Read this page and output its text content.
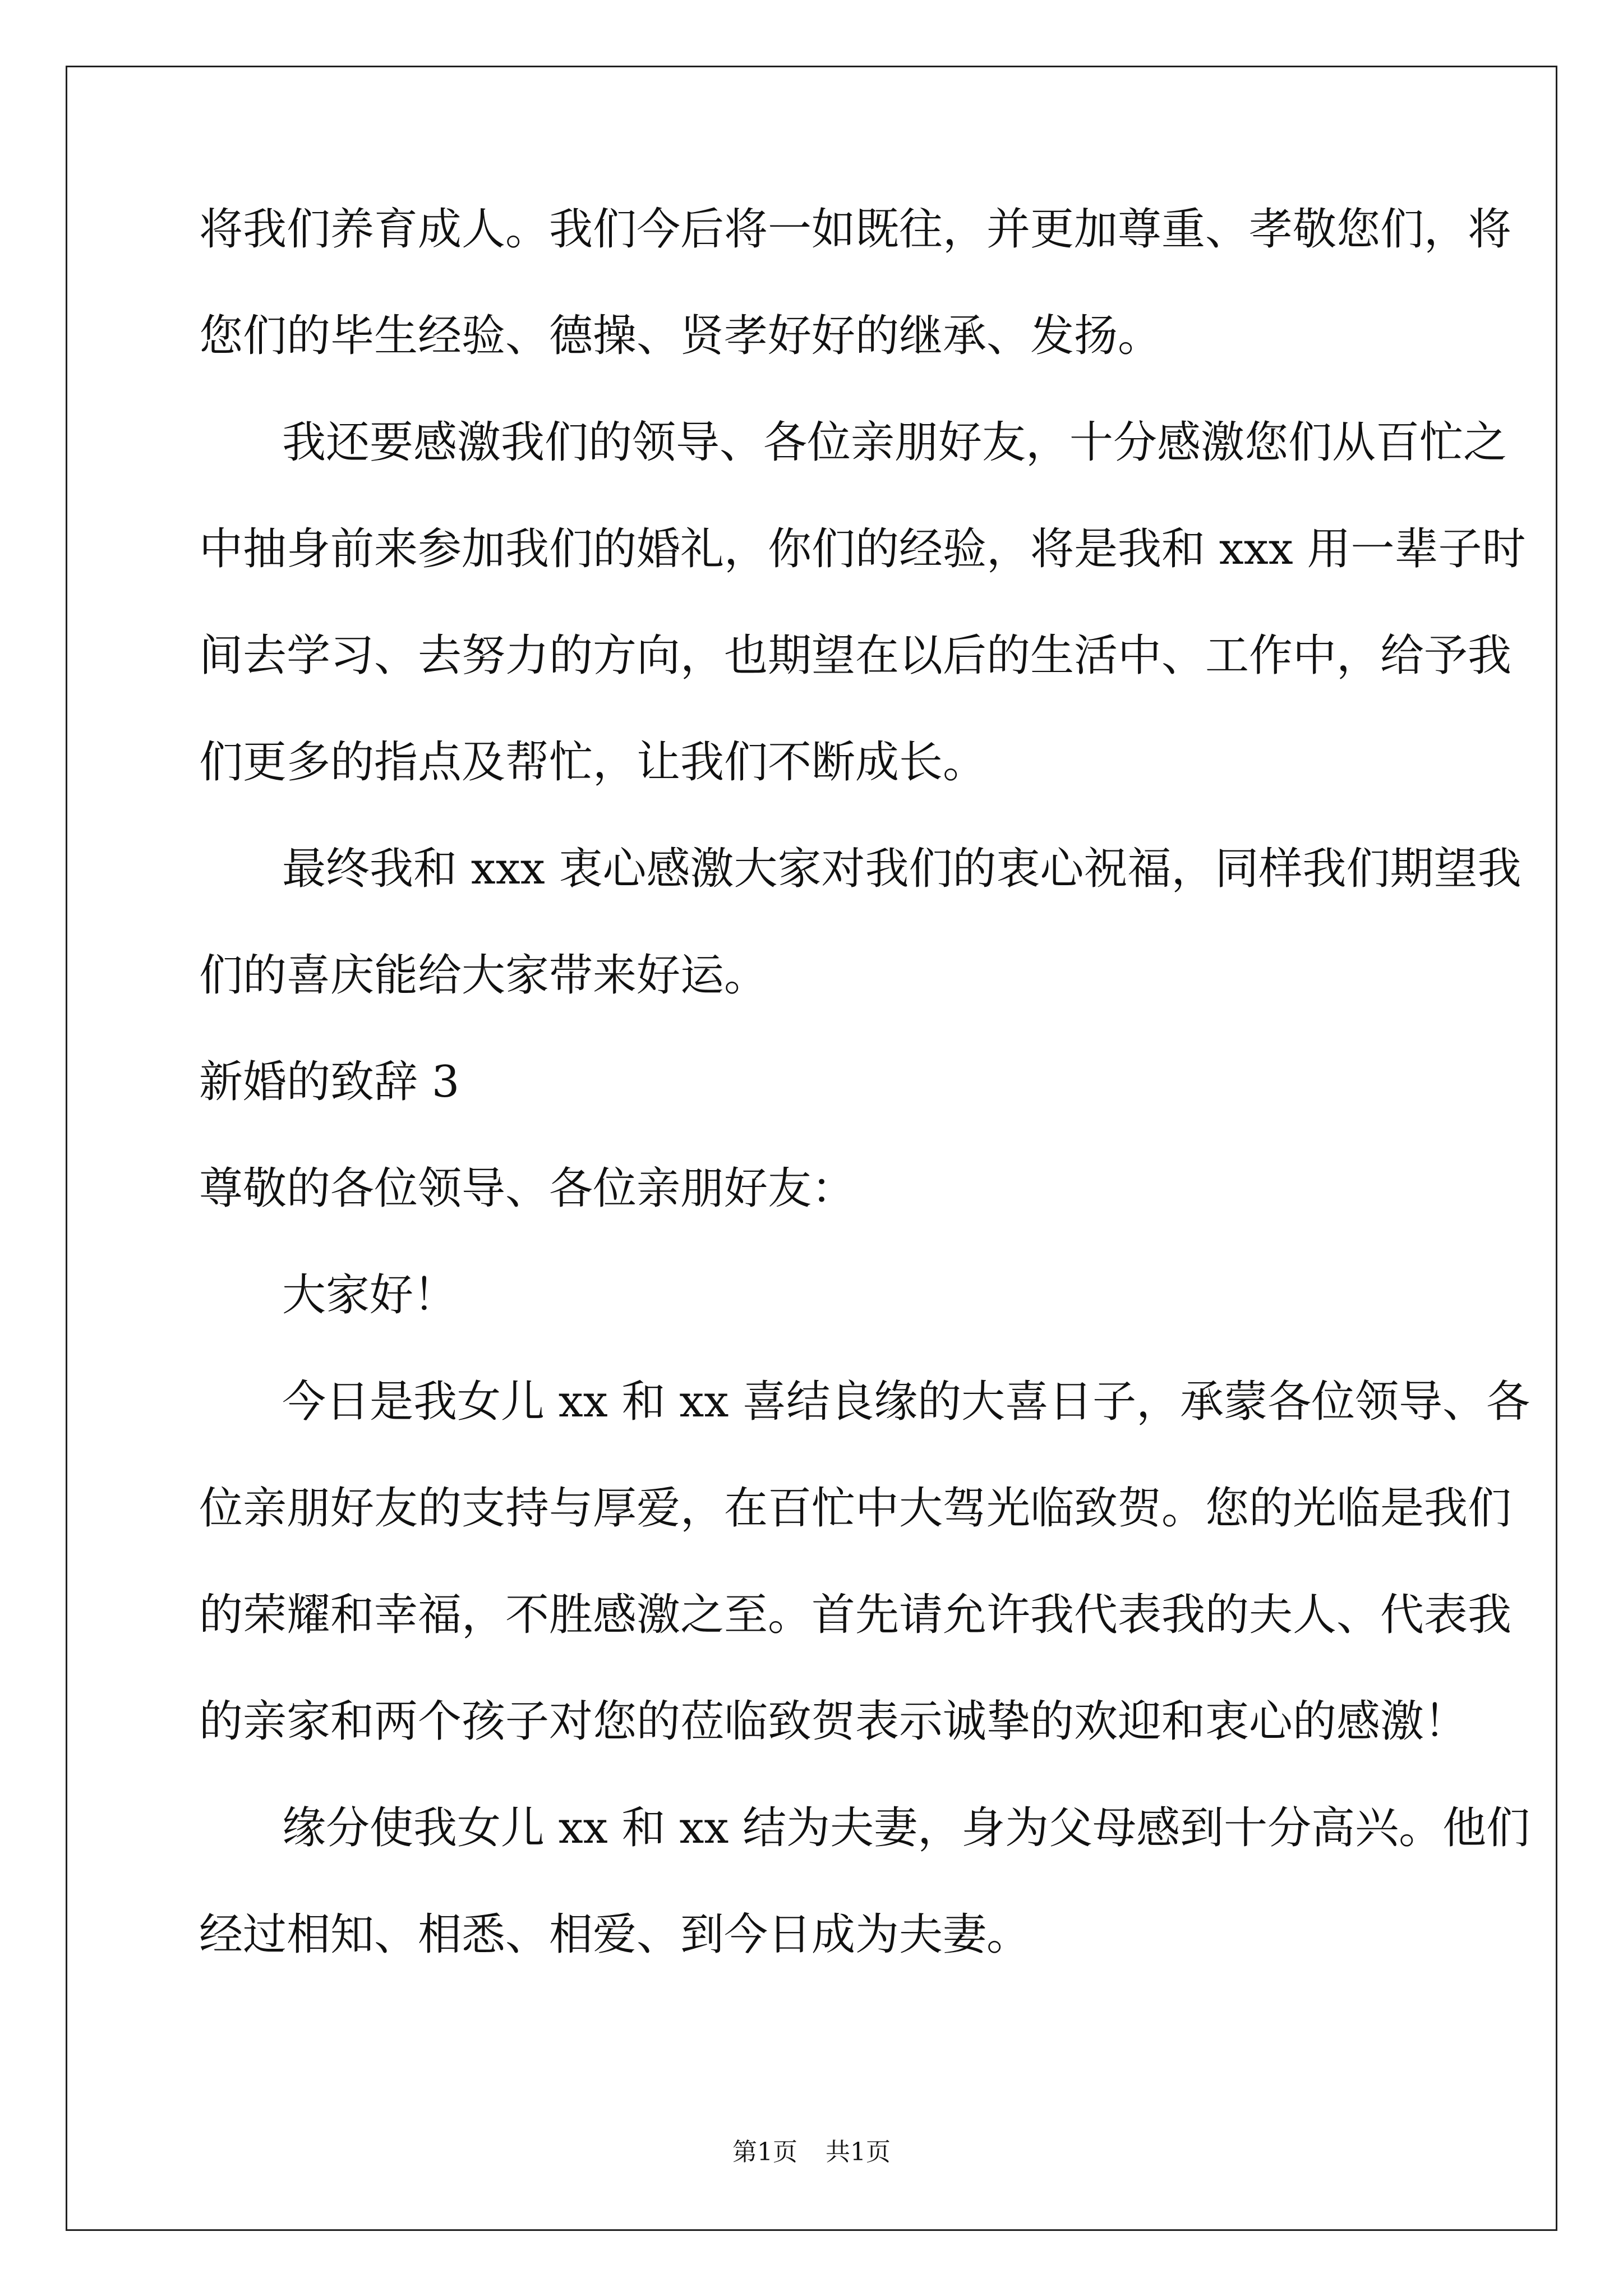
将我们养育成人。我们今后将一如既往，并更加尊重、孝敬您们，将
您们的毕生经验、德操、贤孝好好的继承、发扬。
我还要感激我们的领导、各位亲朋好友，十分感激您们从百忙之
中抽身前来参加我们的婚礼，你们的经验，将是我和 xxx 用一辈子时
间去学习、去努力的方向，也期望在以后的生活中、工作中，给予我
们更多的指点及帮忙，让我们不断成长。
最终我和 xxx 衷心感激大家对我们的衷心祝福，同样我们期望我
们的喜庆能给大家带来好运。
新婚的致辞 3
尊敬的各位领导、各位亲朋好友：
大家好！
今日是我女儿 xx 和 xx 喜结良缘的大喜日子，承蒙各位领导、各
位亲朋好友的支持与厚爱，在百忙中大驾光临致贺。您的光临是我们
的荣耀和幸福，不胜感激之至。首先请允许我代表我的夫人、代表我
的亲家和两个孩子对您的莅临致贺表示诚挚的欢迎和衷心的感激！
缘分使我女儿 xx 和 xx 结为夫妻，身为父母感到十分高兴。他们
经过相知、相悉、相爱、到今日成为夫妻。
第1页 共1页
